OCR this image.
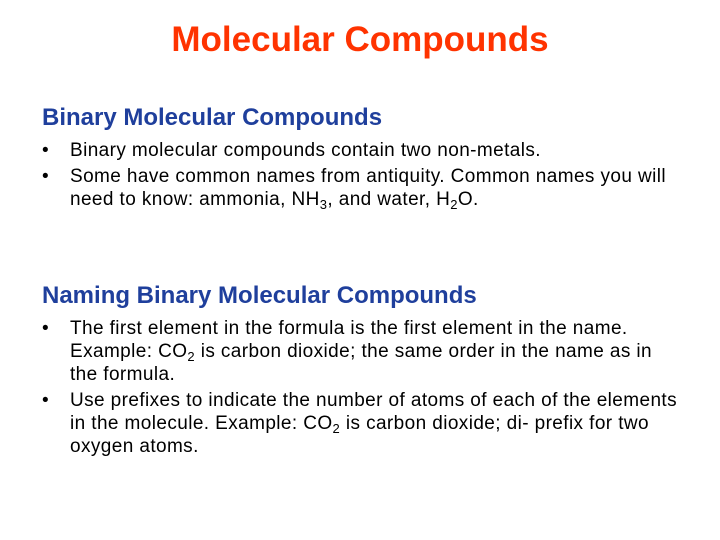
Molecular Compounds
Binary Molecular Compounds
• Binary molecular compounds contain two non-metals.
• Some have common names from antiquity. Common names you will need to know: ammonia, $NH_3$, and water, $H_2O$.
Naming Binary Molecular Compounds
• The first element in the formula is the first element in the name. Example: $CO_2$ is carbon dioxide; the same order in the name as in the formula.
• Use prefixes to indicate the number of atoms of each of the elements in the molecule. Example: $CO_2$ is carbon dioxide; di- prefix for two oxygen atoms.
